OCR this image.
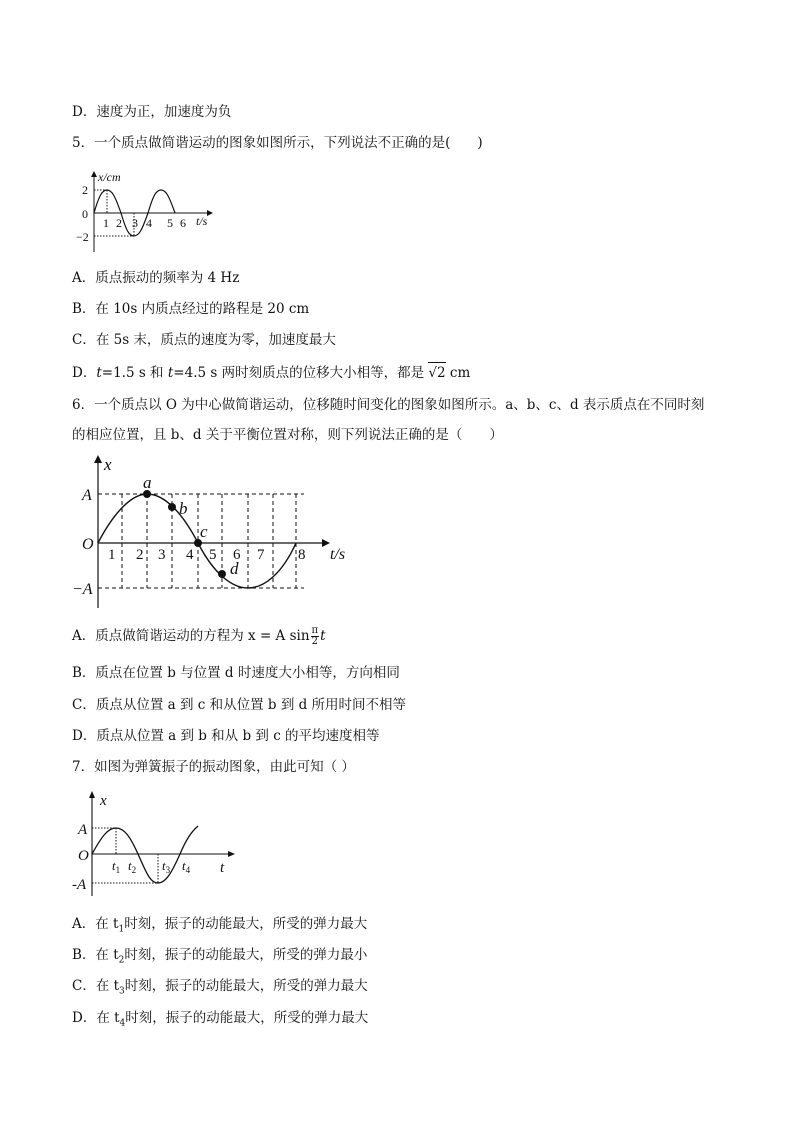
D．速度为正，加速度为负
5．一个质点做简谐运动的图象如图所示，下列说法不正确的是(　　)
x/cm
2
0
−2
1 2 3 4 5 6 t/s
A．质点振动的频率为 4 Hz
B．在 10s 内质点经过的路程是 20 cm
C．在 5s 末，质点的速度为零，加速度最大
D．t=1.5 s 和 t=4.5 s 两时刻质点的位移大小相等，都是 √2 cm
6．一个质点以 O 为中心做简谐运动，位移随时间变化的图象如图所示。a、b、c、d 表示质点在不同时刻
的相应位置，且 b、d 关于平衡位置对称，则下列说法正确的是（　　）
x
A
O
−A
1 2 3 4 5 6 7 8 t/s
a
b
c
d
A．质点做简谐运动的方程为 x = A $\sin \frac{\pi}{2}$ t
B．质点在位置 b 与位置 d 时速度大小相等，方向相同
C．质点从位置 a 到 c 和从位置 b 到 d 所用时间不相等
D．质点从位置 a 到 b 和从 b 到 c 的平均速度相等
7．如图为弹簧振子的振动图象，由此可知（ ）
x
A
O
-A
t
$t_1$ $t_2$ $t_3$ $t_4$
A．在 $t_1$时刻，振子的动能最大，所受的弹力最大
B．在 $t_2$时刻，振子的动能最大，所受的弹力最小
C．在 $t_3$时刻，振子的动能最大，所受的弹力最大
D．在 $t_4$时刻，振子的动能最大，所受的弹力最大
